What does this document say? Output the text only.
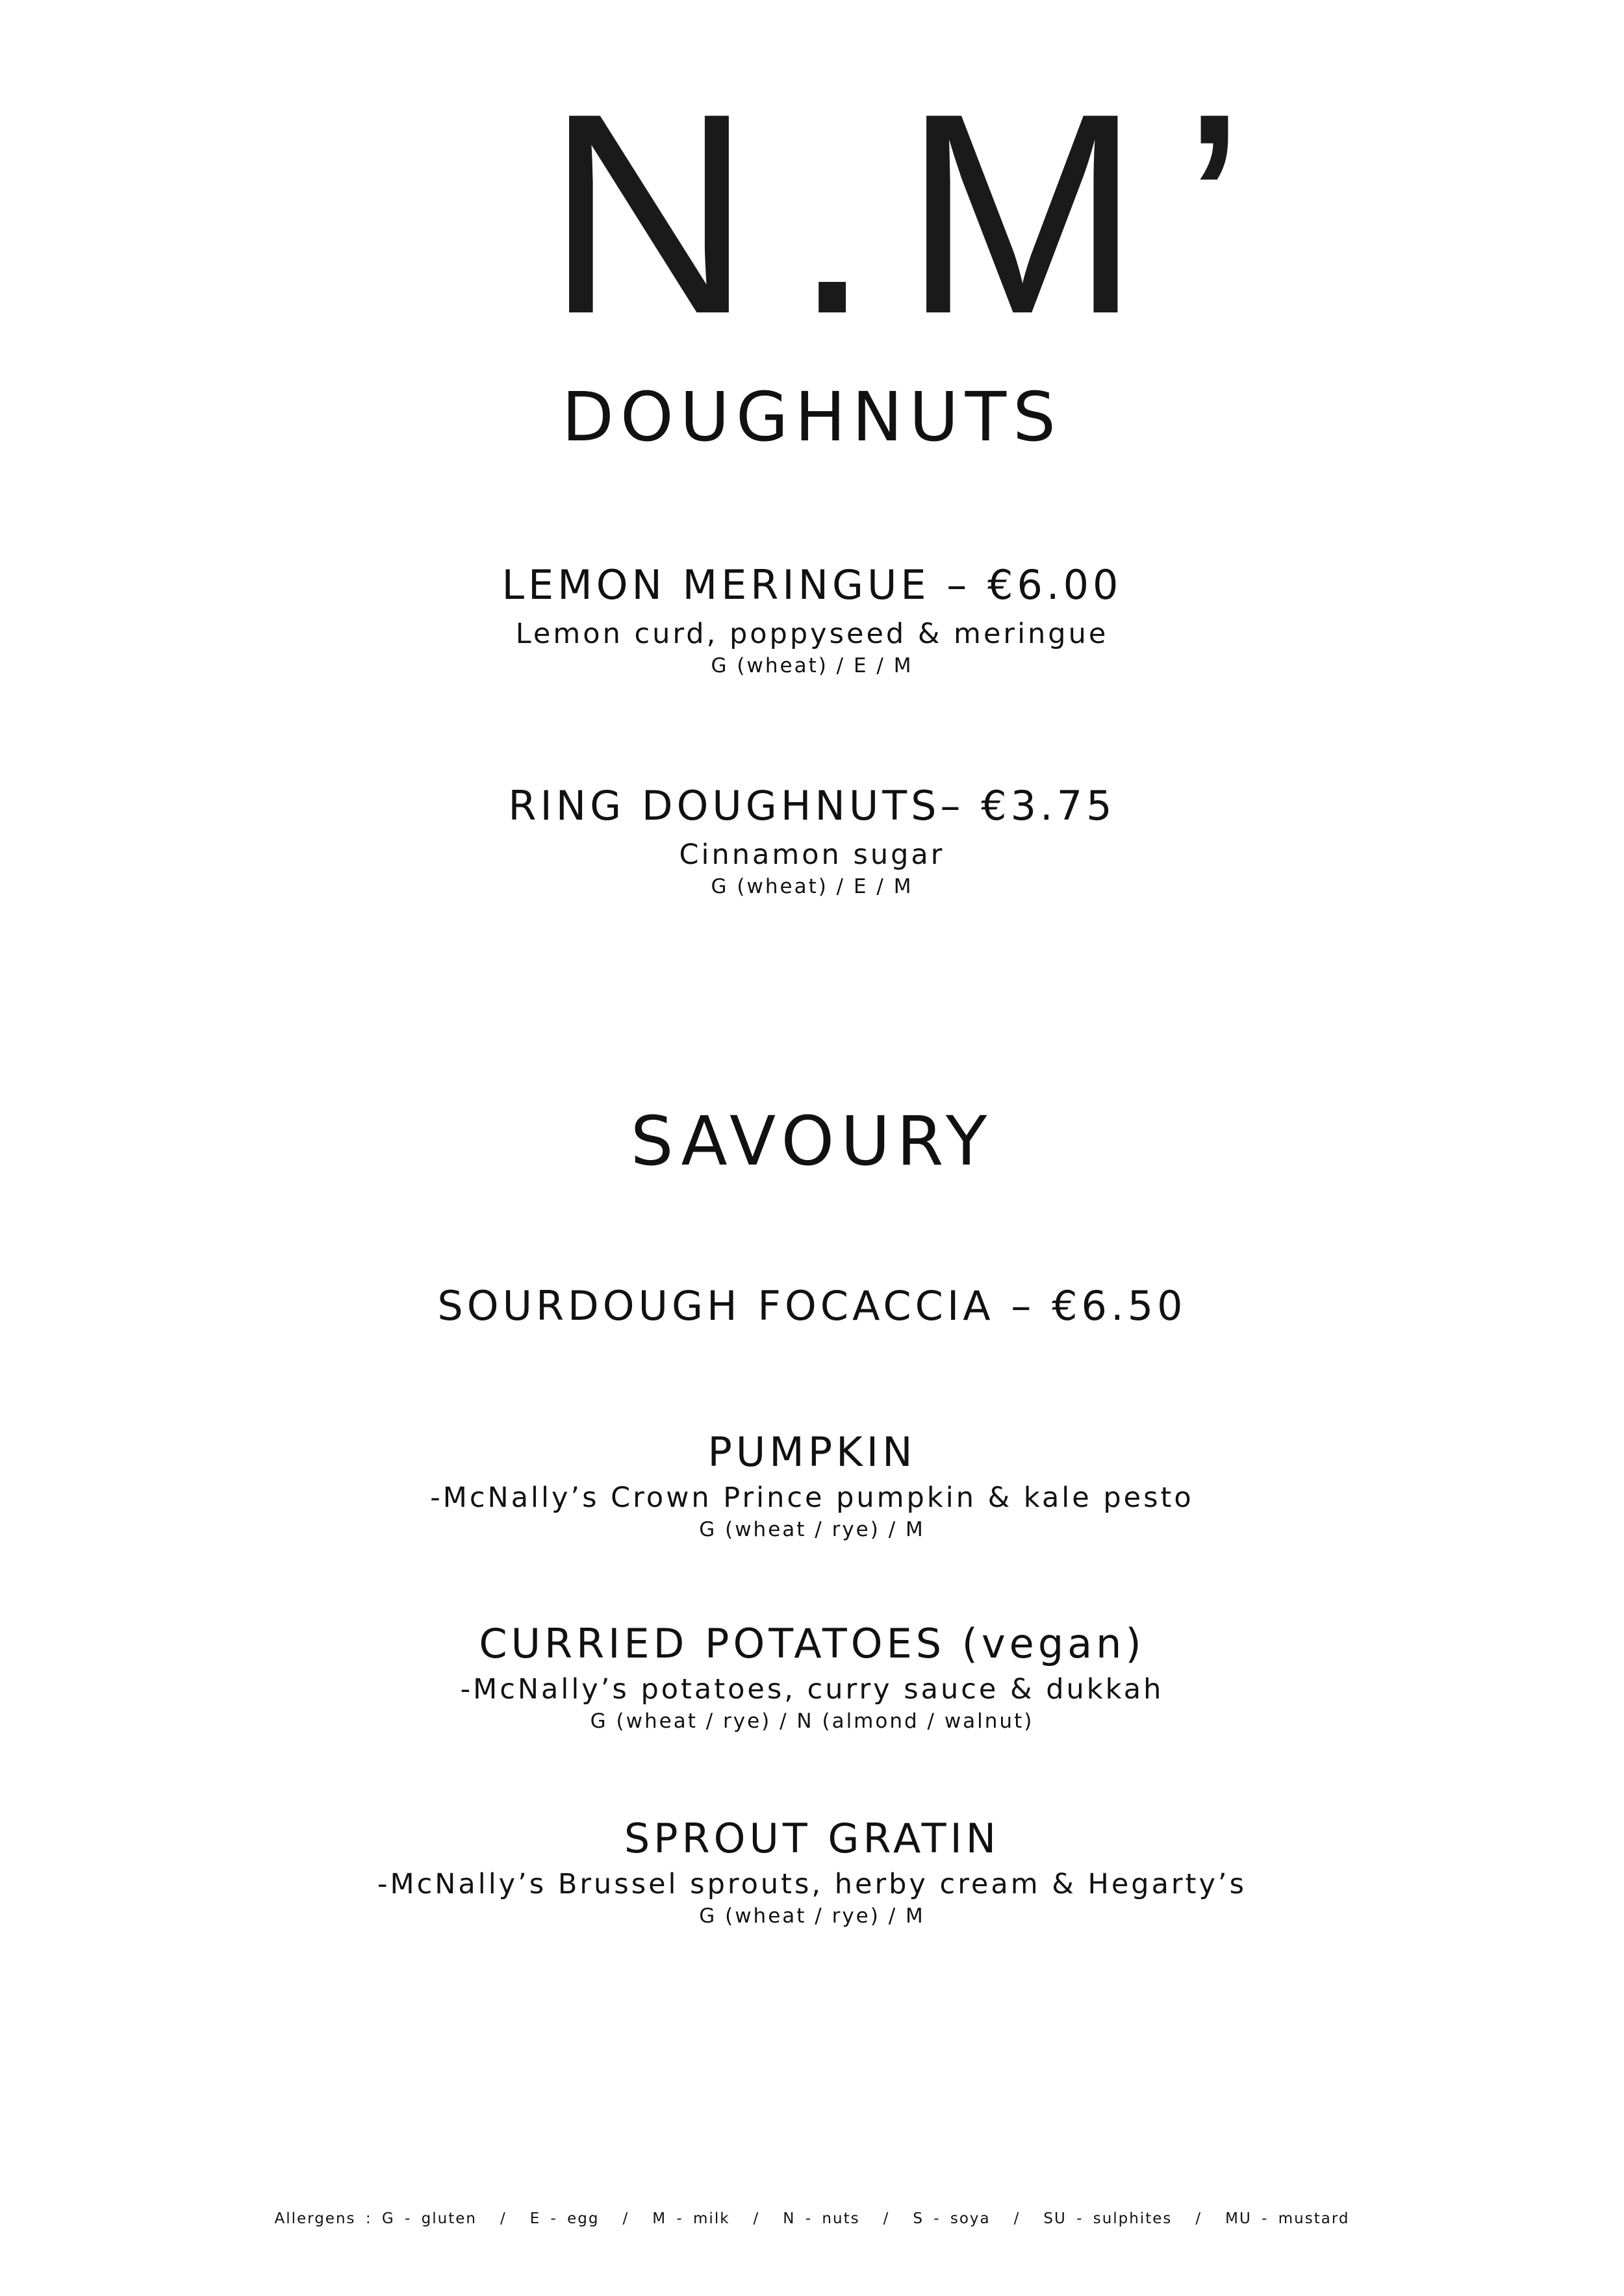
N . M ’
DOUGHNUTS
LEMON MERINGUE – €6.00
Lemon curd, poppyseed & meringue
G (wheat) / E / M
RING DOUGHNUTS– €3.75
Cinnamon sugar
G (wheat) / E / M
SAVOURY
SOURDOUGH FOCACCIA – €6.50
PUMPKIN
-McNally’s Crown Prince pumpkin & kale pesto
G (wheat / rye) / M
CURRIED POTATOES (vegan)
-McNally’s potatoes, curry sauce & dukkah
G (wheat / rye) / N (almond / walnut)
SPROUT GRATIN
-McNally’s Brussel sprouts, herby cream & Hegarty’s
G (wheat / rye) / M
Allergens : G - gluten / E - egg / M - milk / N - nuts / S - soya / SU - sulphites / MU - mustard
